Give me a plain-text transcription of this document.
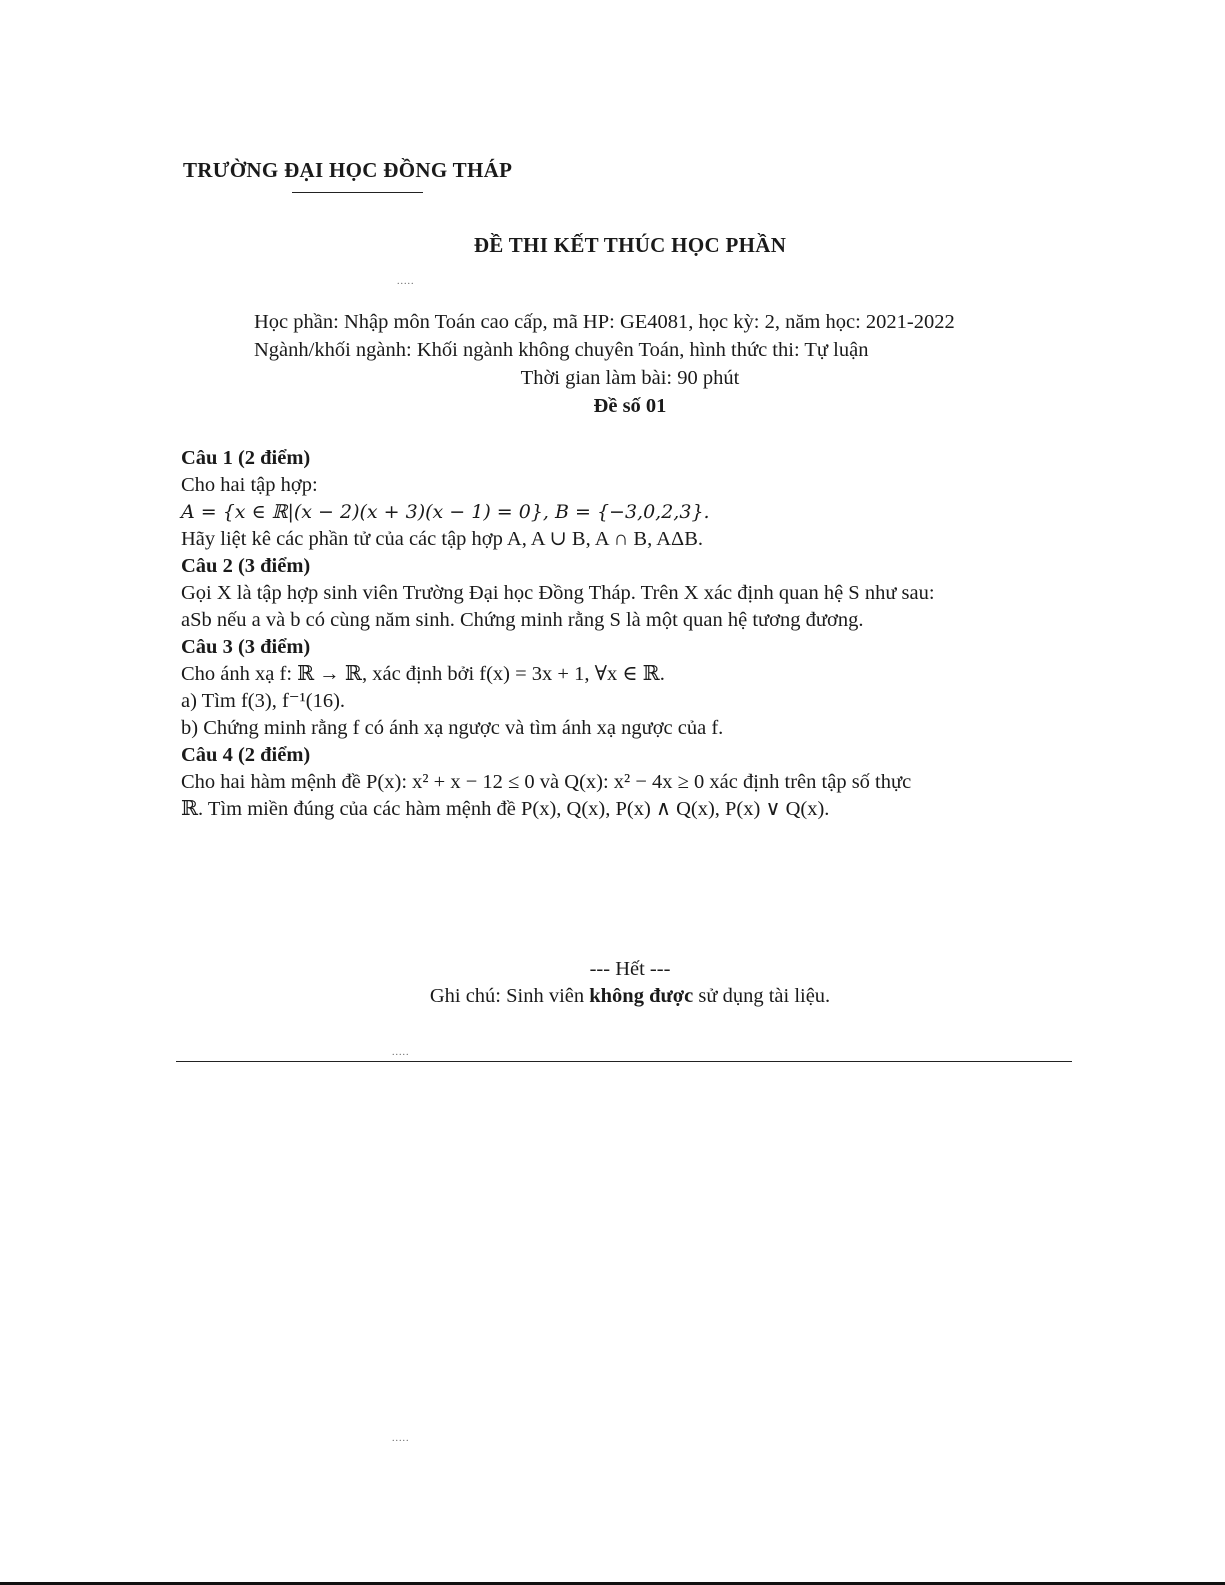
TRƯỜNG ĐẠI HỌC ĐỒNG THÁP
ĐỀ THI KẾT THÚC HỌC PHẦN
.....
Học phần: Nhập môn Toán cao cấp, mã HP: GE4081, học kỳ: 2, năm học: 2021-2022
Ngành/khối ngành: Khối ngành không chuyên Toán, hình thức thi: Tự luận
Thời gian làm bài: 90 phút
Đề số 01
Câu 1 (2 điểm)
Cho hai tập hợp:
A = {x ∈ ℝ|(x − 2)(x + 3)(x − 1) = 0}, B = {−3,0,2,3}.
Hãy liệt kê các phần tử của các tập hợp A, A ∪ B, A ∩ B, AΔB.
Câu 2 (3 điểm)
Gọi X là tập hợp sinh viên Trường Đại học Đồng Tháp. Trên X xác định quan hệ S như sau:
aSb nếu a và b có cùng năm sinh. Chứng minh rằng S là một quan hệ tương đương.
Câu 3 (3 điểm)
Cho ánh xạ f: ℝ → ℝ, xác định bởi f(x) = 3x + 1, ∀x ∈ ℝ.
a) Tìm f(3), f⁻¹(16).
b) Chứng minh rằng f có ánh xạ ngược và tìm ánh xạ ngược của f.
Câu 4 (2 điểm)
Cho hai hàm mệnh đề P(x): x² + x − 12 ≤ 0 và Q(x): x² − 4x ≥ 0 xác định trên tập số thực
ℝ. Tìm miền đúng của các hàm mệnh đề P(x), Q(x), P(x) ∧ Q(x), P(x) ∨ Q(x).
--- Hết ---
Ghi chú: Sinh viên không được sử dụng tài liệu.
.....
.....
